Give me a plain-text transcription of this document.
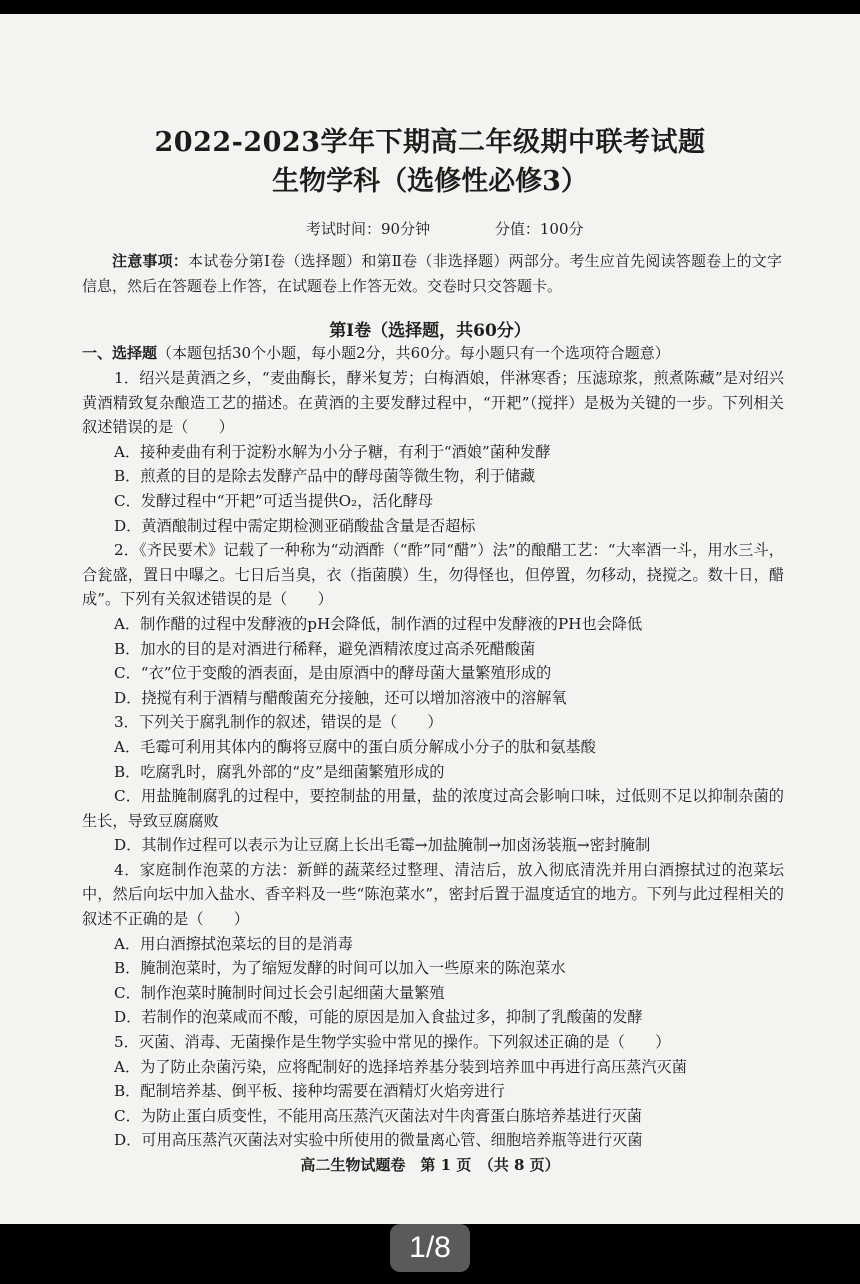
2022-2023学年下期高二年级期中联考试题
生物学科（选修性必修3）
考试时间：90分钟	分值：100分
注意事项：本试卷分第Ⅰ卷（选择题）和第Ⅱ卷（非选择题）两部分。考生应首先阅读答题卷上的文字信息，然后在答题卷上作答，在试题卷上作答无效。交卷时只交答题卡。
第Ⅰ卷（选择题，共60分）
一、选择题（本题包括30个小题，每小题2分，共60分。每小题只有一个选项符合题意）
1．绍兴是黄酒之乡，“麦曲酶长，酵米复芳；白梅酒娘，伴淋寒香；压滤琼浆，煎煮陈藏”是对绍兴黄酒精致复杂酿造工艺的描述。在黄酒的主要发酵过程中，“开耙”（搅拌）是极为关键的一步。下列相关叙述错误的是（　　）
A．接种麦曲有利于淀粉水解为小分子糖，有利于“酒娘”菌种发酵
B．煎煮的目的是除去发酵产品中的酵母菌等微生物，利于储藏
C．发酵过程中“开耙”可适当提供O₂，活化酵母
D．黄酒酿制过程中需定期检测亚硝酸盐含量是否超标
2．《齐民要术》记载了一种称为“动酒酢（“酢”同“醋”）法”的酿醋工艺：“大率酒一斗，用水三斗，合瓮盛，置日中曝之。七日后当臭，衣（指菌膜）生，勿得怪也，但停置，勿移动，挠搅之。数十日，醋成”。下列有关叙述错误的是（　　）
A．制作醋的过程中发酵液的pH会降低，制作酒的过程中发酵液的PH也会降低
B．加水的目的是对酒进行稀释，避免酒精浓度过高杀死醋酸菌
C．“衣”位于变酸的酒表面，是由原酒中的酵母菌大量繁殖形成的
D．挠搅有利于酒精与醋酸菌充分接触，还可以增加溶液中的溶解氧
3．下列关于腐乳制作的叙述，错误的是（　　）
A．毛霉可利用其体内的酶将豆腐中的蛋白质分解成小分子的肽和氨基酸
B．吃腐乳时，腐乳外部的“皮”是细菌繁殖形成的
C．用盐腌制腐乳的过程中，要控制盐的用量，盐的浓度过高会影响口味，过低则不足以抑制杂菌的生长，导致豆腐腐败
D．其制作过程可以表示为让豆腐上长出毛霉→加盐腌制→加卤汤装瓶→密封腌制
4．家庭制作泡菜的方法：新鲜的蔬菜经过整理、清洁后，放入彻底清洗并用白酒擦拭过的泡菜坛中，然后向坛中加入盐水、香辛料及一些“陈泡菜水”，密封后置于温度适宜的地方。下列与此过程相关的叙述不正确的是（　　）
A．用白酒擦拭泡菜坛的目的是消毒
B．腌制泡菜时，为了缩短发酵的时间可以加入一些原来的陈泡菜水
C．制作泡菜时腌制时间过长会引起细菌大量繁殖
D．若制作的泡菜咸而不酸，可能的原因是加入食盐过多，抑制了乳酸菌的发酵
5．灭菌、消毒、无菌操作是生物学实验中常见的操作。下列叙述正确的是（　　）
A．为了防止杂菌污染，应将配制好的选择培养基分装到培养皿中再进行高压蒸汽灭菌
B．配制培养基、倒平板、接种均需要在酒精灯火焰旁进行
C．为防止蛋白质变性，不能用高压蒸汽灭菌法对牛肉膏蛋白胨培养基进行灭菌
D．可用高压蒸汽灭菌法对实验中所使用的微量离心管、细胞培养瓶等进行灭菌
高二生物试题卷　第 1 页　（共 8 页）
1/8
